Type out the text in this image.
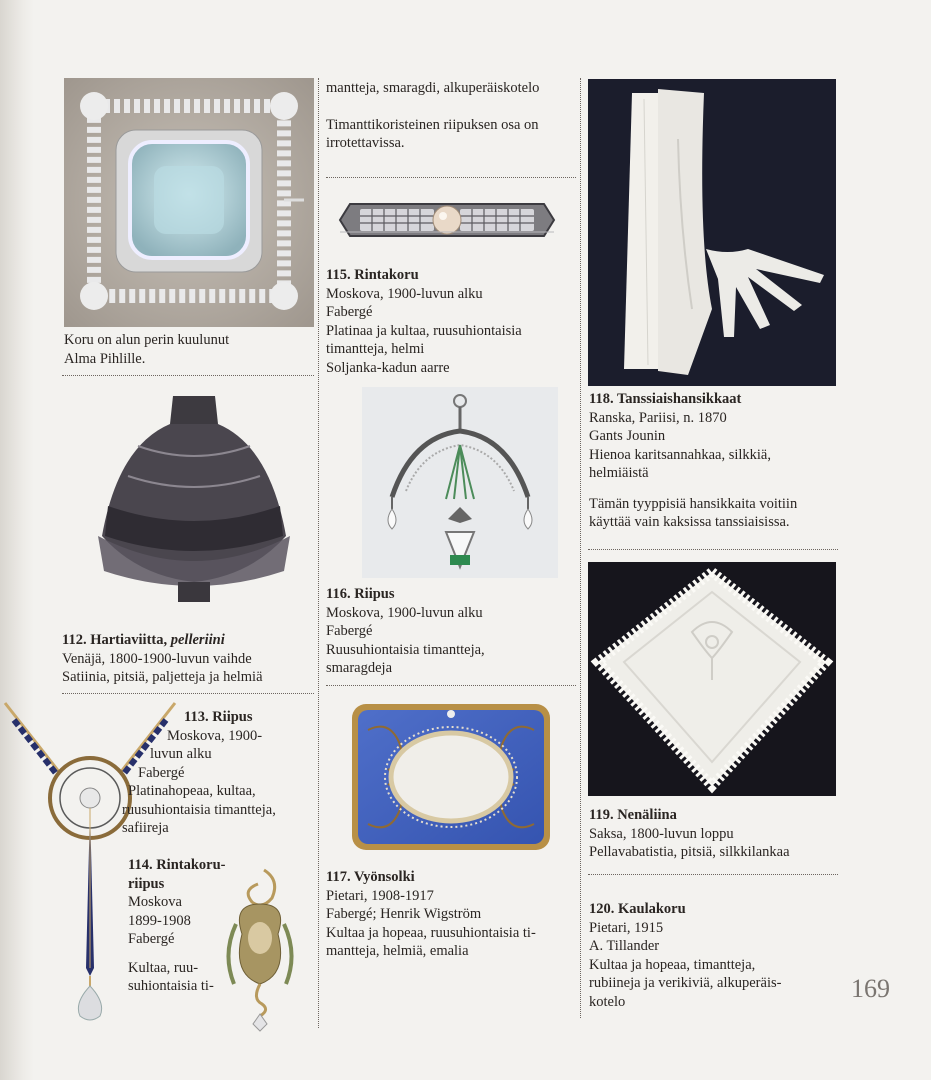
Koru on alun perin kuulunut
Alma Pihlille.
112. Hartiaviitta, pelleriini
Venäjä, 1800-1900-luvun vaihde
Satiinia, pitsiä, paljetteja ja helmiä
113. Riipus
Moskova, 1900-
luvun alku
Fabergé
Platinahopeaa, kultaa,
ruusuhiontaisia timantteja,
safiireja
114. Rintakoru-
riipus
Moskova
1899-1908
Fabergé
Kultaa, ruu-
suhiontaisia ti-
mantteja, smaragdi, alkuperäiskotelo
Timanttikoristeinen riipuksen osa on
irrotettavissa.
115. Rintakoru
Moskova, 1900-luvun alku
Fabergé
Platinaa ja kultaa, ruusuhiontaisia
timantteja, helmi
Soljanka-kadun aarre
116. Riipus
Moskova, 1900-luvun alku
Fabergé
Ruusuhiontaisia timantteja,
smaragdeja
117. Vyönsolki
Pietari, 1908-1917
Fabergé; Henrik Wigström
Kultaa ja hopeaa, ruusuhiontaisia ti-
mantteja, helmiä, emalia
118. Tanssiaishansikkaat
Ranska, Pariisi, n. 1870
Gants Jounin
Hienoa karitsannahkaa, silkkiä,
helmiäistä
Tämän tyyppisiä hansikkaita voitiin
käyttää vain kaksissa tanssiaisissa.
119. Nenäliina
Saksa, 1800-luvun loppu
Pellavabatistia, pitsiä, silkkilankaa
120. Kaulakoru
Pietari, 1915
A. Tillander
Kultaa ja hopeaa, timantteja,
rubiineja ja verikiviä, alkuperäis-
kotelo	169
